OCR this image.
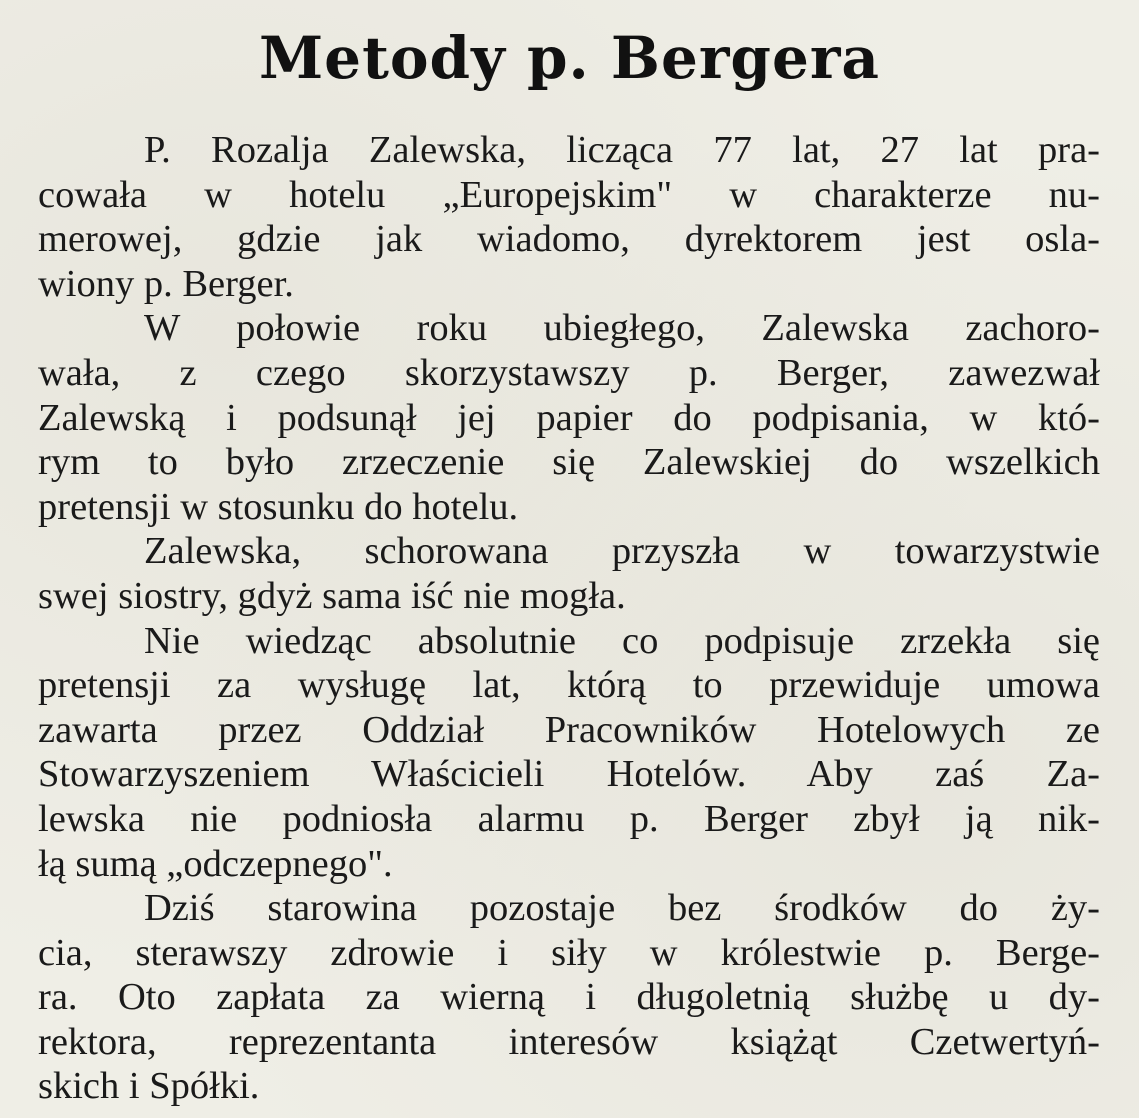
Metody p. Bergera
P. Rozalja Zalewska, licząca 77 lat, 27 lat pra-
cowała w hotelu „Europejskim" w charakterze nu-
merowej, gdzie jak wiadomo, dyrektorem jest osla-
wiony p. Berger.
W połowie roku ubiegłego, Zalewska zachoro-
wała, z czego skorzystawszy p. Berger, zawezwał
Zalewską i podsunął jej papier do podpisania, w któ-
rym to było zrzeczenie się Zalewskiej do wszelkich
pretensji w stosunku do hotelu.
Zalewska, schorowana przyszła w towarzystwie
swej siostry, gdyż sama iść nie mogła.
Nie wiedząc absolutnie co podpisuje zrzekła się
pretensji za wysługę lat, którą to przewiduje umowa
zawarta przez Oddział Pracowników Hotelowych ze
Stowarzyszeniem Właścicieli Hotelów. Aby zaś Za-
lewska nie podniosła alarmu p. Berger zbył ją nik-
łą sumą „odczepnego".
Dziś starowina pozostaje bez środków do ży-
cia, sterawszy zdrowie i siły w królestwie p. Berge-
ra. Oto zapłata za wierną i długoletnią służbę u dy-
rektora, reprezentanta interesów książąt Czetwertyń-
skich i Spółki.
